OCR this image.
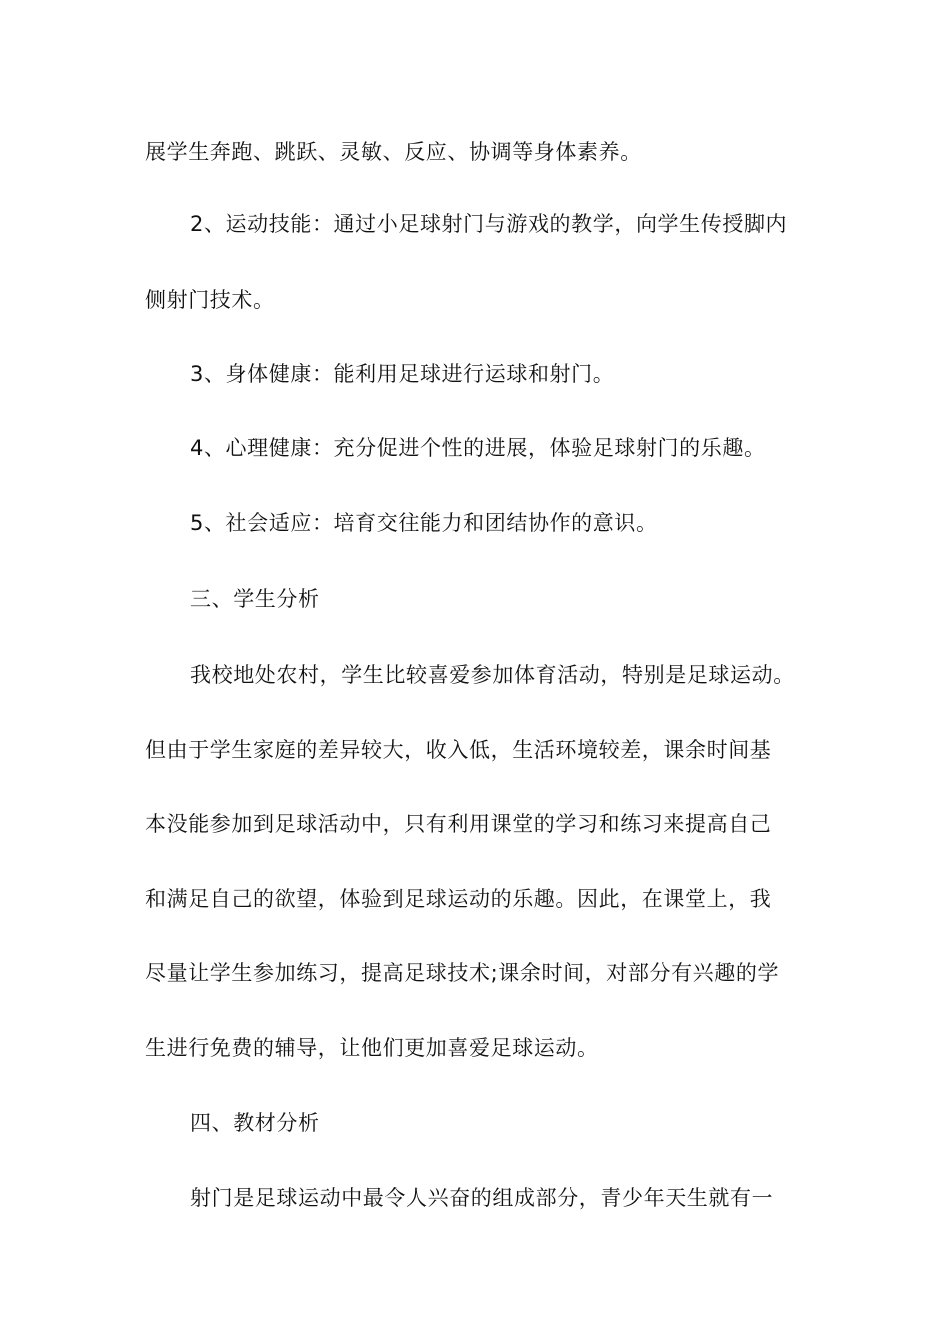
展学生奔跑、跳跃、灵敏、反应、协调等身体素养。
2、运动技能：通过小足球射门与游戏的教学，向学生传授脚内
侧射门技术。
3、身体健康：能利用足球进行运球和射门。
4、心理健康：充分促进个性的进展，体验足球射门的乐趣。
5、社会适应：培育交往能力和团结协作的意识。
三、学生分析
我校地处农村，学生比较喜爱参加体育活动，特别是足球运动。
但由于学生家庭的差异较大，收入低，生活环境较差，课余时间基
本没能参加到足球活动中，只有利用课堂的学习和练习来提高自己
和满足自己的欲望，体验到足球运动的乐趣。因此，在课堂上，我
尽量让学生参加练习，提高足球技术;课余时间，对部分有兴趣的学
生进行免费的辅导，让他们更加喜爱足球运动。
四、教材分析
射门是足球运动中最令人兴奋的组成部分，青少年天生就有一
